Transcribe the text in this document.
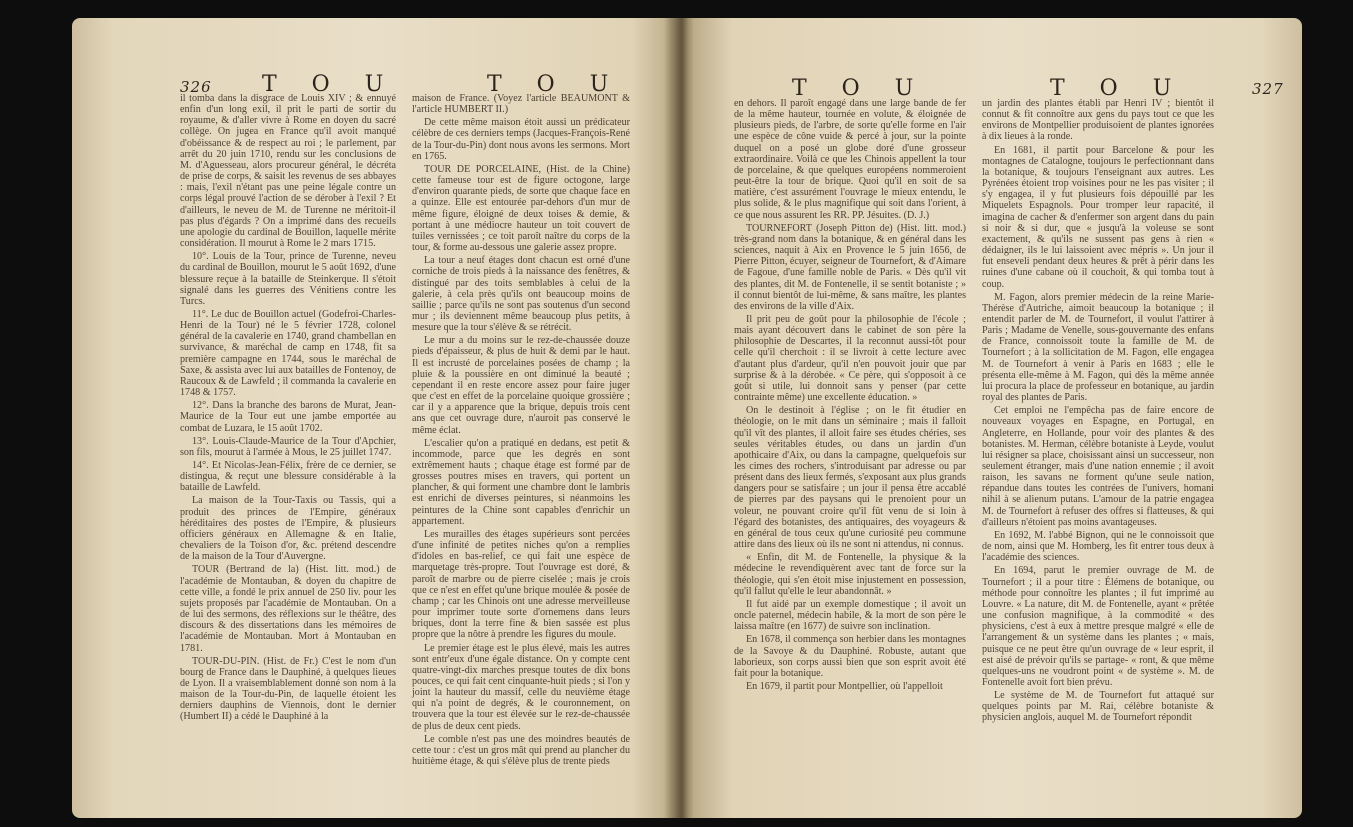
326 T O U	T O U

il tomba dans la disgrace de Louis XIV ; & ennuyé enfin d'un long exil, il prit le parti de sortir du royaume, & d'aller vivre à Rome en doyen du sacré collège. On jugea en France qu'il avoit manqué d'obéissance & de respect au roi ; le parlement, par arrêt du 20 juin 1710, rendu sur les conclusions de M. d'Aguesseau, alors procureur général, le décréta de prise de corps, & saisit les revenus de ses abbayes : mais, l'exil n'étant pas une peine légale contre un corps légal prouvé l'action de se dérober à l'exil ? Et d'ailleurs, le neveu de M. de Turenne ne méritoit-il pas plus d'égards ? On a imprimé dans des recueils une apologie du cardinal de Bouillon, laquelle mérite considération. Il mourut à Rome le 2 mars 1715.

10°. Louis de la Tour, prince de Turenne, neveu du cardinal de Bouillon, mourut le 5 août 1692, d'une blessure reçue à la bataille de Steinkerque. Il s'étoit signalé dans les guerres des Vénitiens contre les Turcs.

11°. Le duc de Bouillon actuel (Godefroi-Charles-Henri de la Tour) né le 5 février 1728, colonel général de la cavalerie en 1740, grand chambellan en survivance, & maréchal de camp en 1748, fit sa première campagne en 1744, sous le maréchal de Saxe, & assista avec lui aux batailles de Fontenoy, de Raucoux & de Lawfeld ; il commanda la cavalerie en 1748 & 1757.

12°. Dans la branche des barons de Murat, Jean-Maurice de la Tour eut une jambe emportée au combat de Luzara, le 15 août 1702.

13°. Louis-Claude-Maurice de la Tour d'Apchier, son fils, mourut à l'armée à Mous, le 25 juillet 1747.

14°. Et Nicolas-Jean-Félix, frère de ce dernier, se distingua, & reçut une blessure considérable à la bataille de Lawfeld.

La maison de la Tour-Taxis ou Tassis, qui a produit des princes de l'Empire, généraux héréditaires des postes de l'Empire, & plusieurs officiers généraux en Allemagne & en Italie, chevaliers de la Toison d'or, &c. prétend descendre de la maison de la Tour d'Auvergne.

TOUR (Bertrand de la) (Hist. litt. mod.) de l'académie de Montauban, & doyen du chapitre de cette ville, a fondé le prix annuel de 250 liv. pour les sujets proposés par l'académie de Montauban. On a de lui des sermons, des réflexions sur le théâtre, des discours & des dissertations dans les mémoires de l'académie de Montauban. Mort à Montauban en 1781.

TOUR-DU-PIN. (Hist. de Fr.) C'est le nom d'un bourg de France dans le Dauphiné, à quelques lieues de Lyon. Il a vraisemblablement donné son nom à la maison de la Tour-du-Pin, de laquelle étoient les derniers dauphins de Viennois, dont le dernier (Humbert II) a cédé le Dauphiné à la

maison de France. (Voyez l'article BEAUMONT & l'article HUMBERT II.)

De cette même maison étoit aussi un prédicateur célèbre de ces derniers temps (Jacques-François-René de la Tour-du-Pin) dont nous avons les sermons. Mort en 1765.

TOUR DE PORCELAINE, (Hist. de la Chine) cette fameuse tour est de figure octogone, large d'environ quarante pieds, de sorte que chaque face en a quinze. Elle est entourée par-dehors d'un mur de même figure, éloigné de deux toises & demie, & portant à une médiocre hauteur un toit couvert de tuiles vernissées ; ce toit paroît naître du corps de la tour, & forme au-dessous une galerie assez propre.

La tour a neuf étages dont chacun est orné d'une corniche de trois pieds à la naissance des fenêtres, & distingué par des toits semblables à celui de la galerie, à cela près qu'ils ont beaucoup moins de saillie ; parce qu'ils ne sont pas soutenus d'un second mur ; ils deviennent même beaucoup plus petits, à mesure que la tour s'élève & se rétrécit.

Le mur a du moins sur le rez-de-chaussée douze pieds d'épaisseur, & plus de huit & demi par le haut. Il est incrusté de porcelaines posées de champ ; la pluie & la poussière en ont diminué la beauté ; cependant il en reste encore assez pour faire juger que c'est en effet de la porcelaine quoique grossière ; car il y a apparence que la brique, depuis trois cent ans que cet ouvrage dure, n'auroit pas conservé le même éclat.

L'escalier qu'on a pratiqué en dedans, est petit & incommode, parce que les degrés en sont extrêmement hauts ; chaque étage est formé par de grosses poutres mises en travers, qui portent un plancher, & qui forment une chambre dont le lambris est enrichi de diverses peintures, si néanmoins les peintures de la Chine sont capables d'enrichir un appartement.

Les murailles des étages supérieurs sont percées d'une infinité de petites niches qu'on a remplies d'idoles en bas-relief, ce qui fait une espèce de marquetage très-propre. Tout l'ouvrage est doré, & paroît de marbre ou de pierre ciselée ; mais je crois que ce n'est en effet qu'une brique moulée & posée de champ ; car les Chinois ont une adresse merveilleuse pour imprimer toute sorte d'ornemens dans leurs briques, dont la terre fine & bien sassée est plus propre que la nôtre à prendre les figures du moule.

Le premier étage est le plus élevé, mais les autres sont entr'eux d'une égale distance. On y compte cent quatre-vingt-dix marches presque toutes de dix bons pouces, ce qui fait cent cinquante-huit pieds ; si l'on y joint la hauteur du massif, celle du neuvième étage qui n'a point de degrés, & le couronnement, on trouvera que la tour est élevée sur le rez-de-chaussée de plus de deux cent pieds.

Le comble n'est pas une des moindres beautés de cette tour : c'est un gros mât qui prend au plancher du huitième étage, & qui s'élève plus de trente pieds

T O U	T O U	327

en dehors. Il paroît engagé dans une large bande de fer de la même hauteur, tournée en volute, & éloignée de plusieurs pieds, de l'arbre, de sorte qu'elle forme en l'air une espèce de cône vuide & percé à jour, sur la pointe duquel on a posé un globe doré d'une grosseur extraordinaire. Voilà ce que les Chinois appellent la tour de porcelaine, & que quelques européens nommeroient peut-être la tour de brique. Quoi qu'il en soit de sa matière, c'est assurément l'ouvrage le mieux entendu, le plus solide, & le plus magnifique qui soit dans l'orient, à ce que nous assurent les RR. PP. Jésuites. (D. J.)

TOURNEFORT (Joseph Pitton de) (Hist. litt. mod.) très-grand nom dans la botanique, & en général dans les sciences, naquit à Aix en Provence le 5 juin 1656, de Pierre Pitton, écuyer, seigneur de Tournefort, & d'Aimare de Fagoue, d'une famille noble de Paris. « Dès qu'il vit des plantes, dit M. de Fontenelle, il se sentit botaniste ; » il connut bientôt de lui-même, & sans maître, les plantes des environs de la ville d'Aix.

Il prit peu de goût pour la philosophie de l'école ; mais ayant découvert dans le cabinet de son père la philosophie de Descartes, il la reconnut aussi-tôt pour celle qu'il cherchoit : il se livroit à cette lecture avec d'autant plus d'ardeur, qu'il n'en pouvoit jouir que par surprise & à la dérobée. « Ce père, qui s'opposoit à ce goût si utile, lui donnoit sans y penser (par cette contrainte même) une excellente éducation. »

On le destinoit à l'église ; on le fit étudier en théologie, on le mit dans un séminaire ; mais il falloit qu'il vît des plantes, il alloit faire ses études chéries, ses seules véritables études, ou dans un jardin d'un apothicaire d'Aix, ou dans la campagne, quelquefois sur les cimes des rochers, s'introduisant par adresse ou par présent dans des lieux fermés, s'exposant aux plus grands dangers pour se satisfaire ; un jour il pensa être accablé de pierres par des paysans qui le prenoient pour un voleur, ne pouvant croire qu'il fût venu de si loin à l'égard des botanistes, des antiquaires, des voyageurs & en général de tous ceux qu'une curiosité peu commune attire dans des lieux où ils ne sont ni attendus, ni connus.

« Enfin, dit M. de Fontenelle, la physique & la médecine le revendiquèrent avec tant de force sur la théologie, qui s'en étoit mise injustement en possession, qu'il fallut qu'elle le leur abandonnât. »

Il fut aidé par un exemple domestique ; il avoit un oncle paternel, médecin habile, & la mort de son père le laissa maître (en 1677) de suivre son inclination.

En 1678, il commença son herbier dans les montagnes de la Savoye & du Dauphiné. Robuste, autant que laborieux, son corps aussi bien que son esprit avoit été fait pour la botanique.

En 1679, il partit pour Montpellier, où l'appelloit

un jardin des plantes établi par Henri IV ; bientôt il connut & fit connoître aux gens du pays tout ce que les environs de Montpellier produisoient de plantes ignorées à dix lieues à la ronde.

En 1681, il partit pour Barcelone & pour les montagnes de Catalogne, toujours le perfectionnant dans la botanique, & toujours l'enseignant aux autres. Les Pyrénées étoient trop voisines pour ne les pas visiter ; il s'y engagea, il y fut plusieurs fois dépouillé par les Miquelets Espagnols. Pour tromper leur rapacité, il imagina de cacher & d'enfermer son argent dans du pain si noir & si dur, que « jusqu'à la voleuse se sont exactement, & qu'ils ne sussent pas gens à rien « dédaigner, ils le lui laissoient avec mépris ». Un jour il fut enseveli pendant deux heures & prêt à périr dans les ruines d'une cabane où il couchoit, & qui tomba tout à coup.

M. Fagon, alors premier médecin de la reine Marie-Thérèse d'Autriche, aimoit beaucoup la botanique ; il entendit parler de M. de Tournefort, il voulut l'attirer à Paris ; Madame de Venelle, sous-gouvernante des enfans de France, connoissoit toute la famille de M. de Tournefort ; à la sollicitation de M. Fagon, elle engagea M. de Tournefort à venir à Paris en 1683 ; elle le présenta elle-même à M. Fagon, qui dès la même année lui procura la place de professeur en botanique, au jardin royal des plantes de Paris.

Cet emploi ne l'empêcha pas de faire encore de nouveaux voyages en Espagne, en Portugal, en Angleterre, en Hollande, pour voir des plantes & des botanistes. M. Herman, célèbre botaniste à Leyde, voulut lui résigner sa place, choisissant ainsi un successeur, non seulement étranger, mais d'une nation ennemie ; il avoit raison, les savans ne forment qu'une seule nation, répandue dans toutes les contrées de l'univers, homani nihil à se alienum putans. L'amour de la patrie engagea M. de Tournefort à refuser des offres si flatteuses, & qui d'ailleurs n'étoient pas moins avantageuses.

En 1692, M. l'abbé Bignon, qui ne le connoissoit que de nom, ainsi que M. Homberg, les fit entrer tous deux à l'académie des sciences.

En 1694, parut le premier ouvrage de M. de Tournefort ; il a pour titre : Élémens de botanique, ou méthode pour connoître les plantes ; il fut imprimé au Louvre. « La nature, dit M. de Fontenelle, ayant « prêtée une confusion magnifique, à la commodité « des physiciens, c'est à eux à mettre presque malgré « elle de l'arrangement & un système dans les plantes ; « mais, puisque ce ne peut être qu'un ouvrage de « leur esprit, il est aisé de prévoir qu'ils se partage- « ront, & que même quelques-uns ne voudront point « de système ». M. de Fontenelle avoit fort bien prévu.

Le système de M. de Tournefort fut attaqué sur quelques points par M. Rai, célèbre botaniste & physicien anglois, auquel M. de Tournefort répondit
